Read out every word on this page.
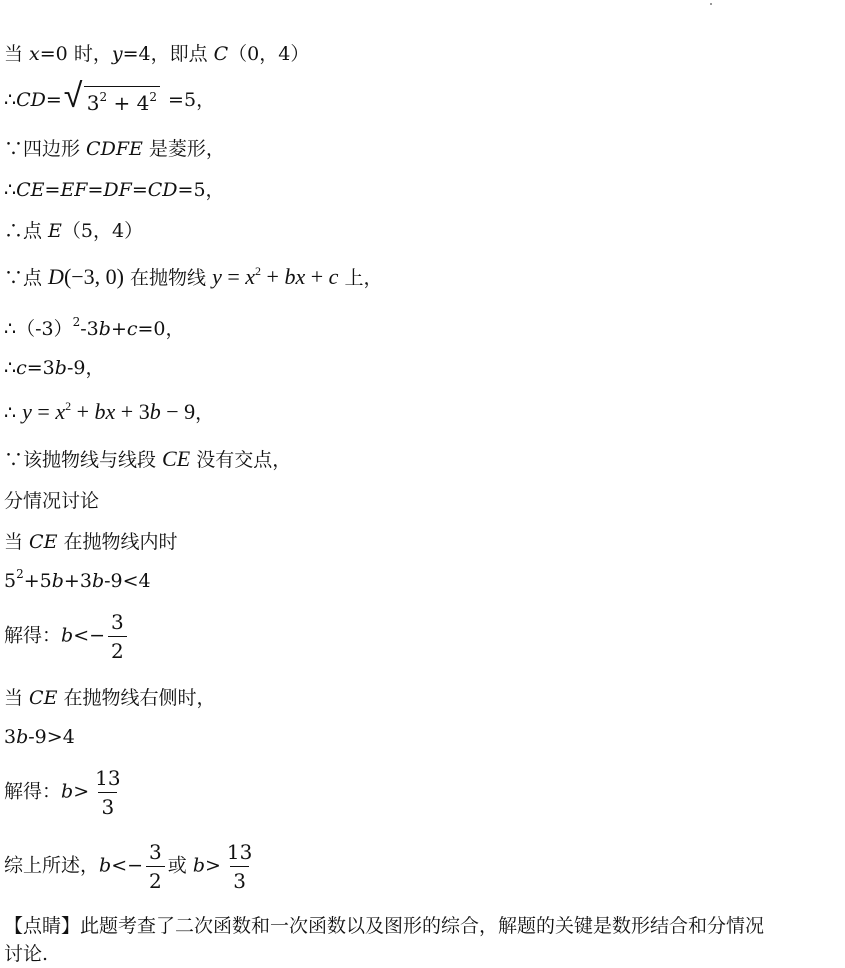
当 x=0 时，y=4，即点 C（0，4）
∴CD= √ $3^2 + 4^2 =5$，
∵四边形 CDFE 是菱形，
∴CE=EF=DF=CD=5，
∴点 E（5，4）
∵点 D(−3, 0) 在抛物线 $y = x^2$ + bx + c 上，
$\therefore(-3)^2-3b+c=0$，
∴c=3b-9，
∴ $y = x^2$ + bx + 3b − 9，
∵该抛物线与线段 CE 没有交点，
分情况讨论
当 CE 在抛物线内时
$5^2+5b+3b-9<4$
解得：$b<- \frac{3}{2}$
当 CE 在抛物线右侧时，
3b-9>4
解得：$b> \frac{13}{3}$
综上所述，$b<- \frac{3}{2}$ 或 $b> \frac{13}{3}$
【点睛】此题考查了二次函数和一次函数以及图形的综合，解题的关键是数形结合和分情况
讨论.
